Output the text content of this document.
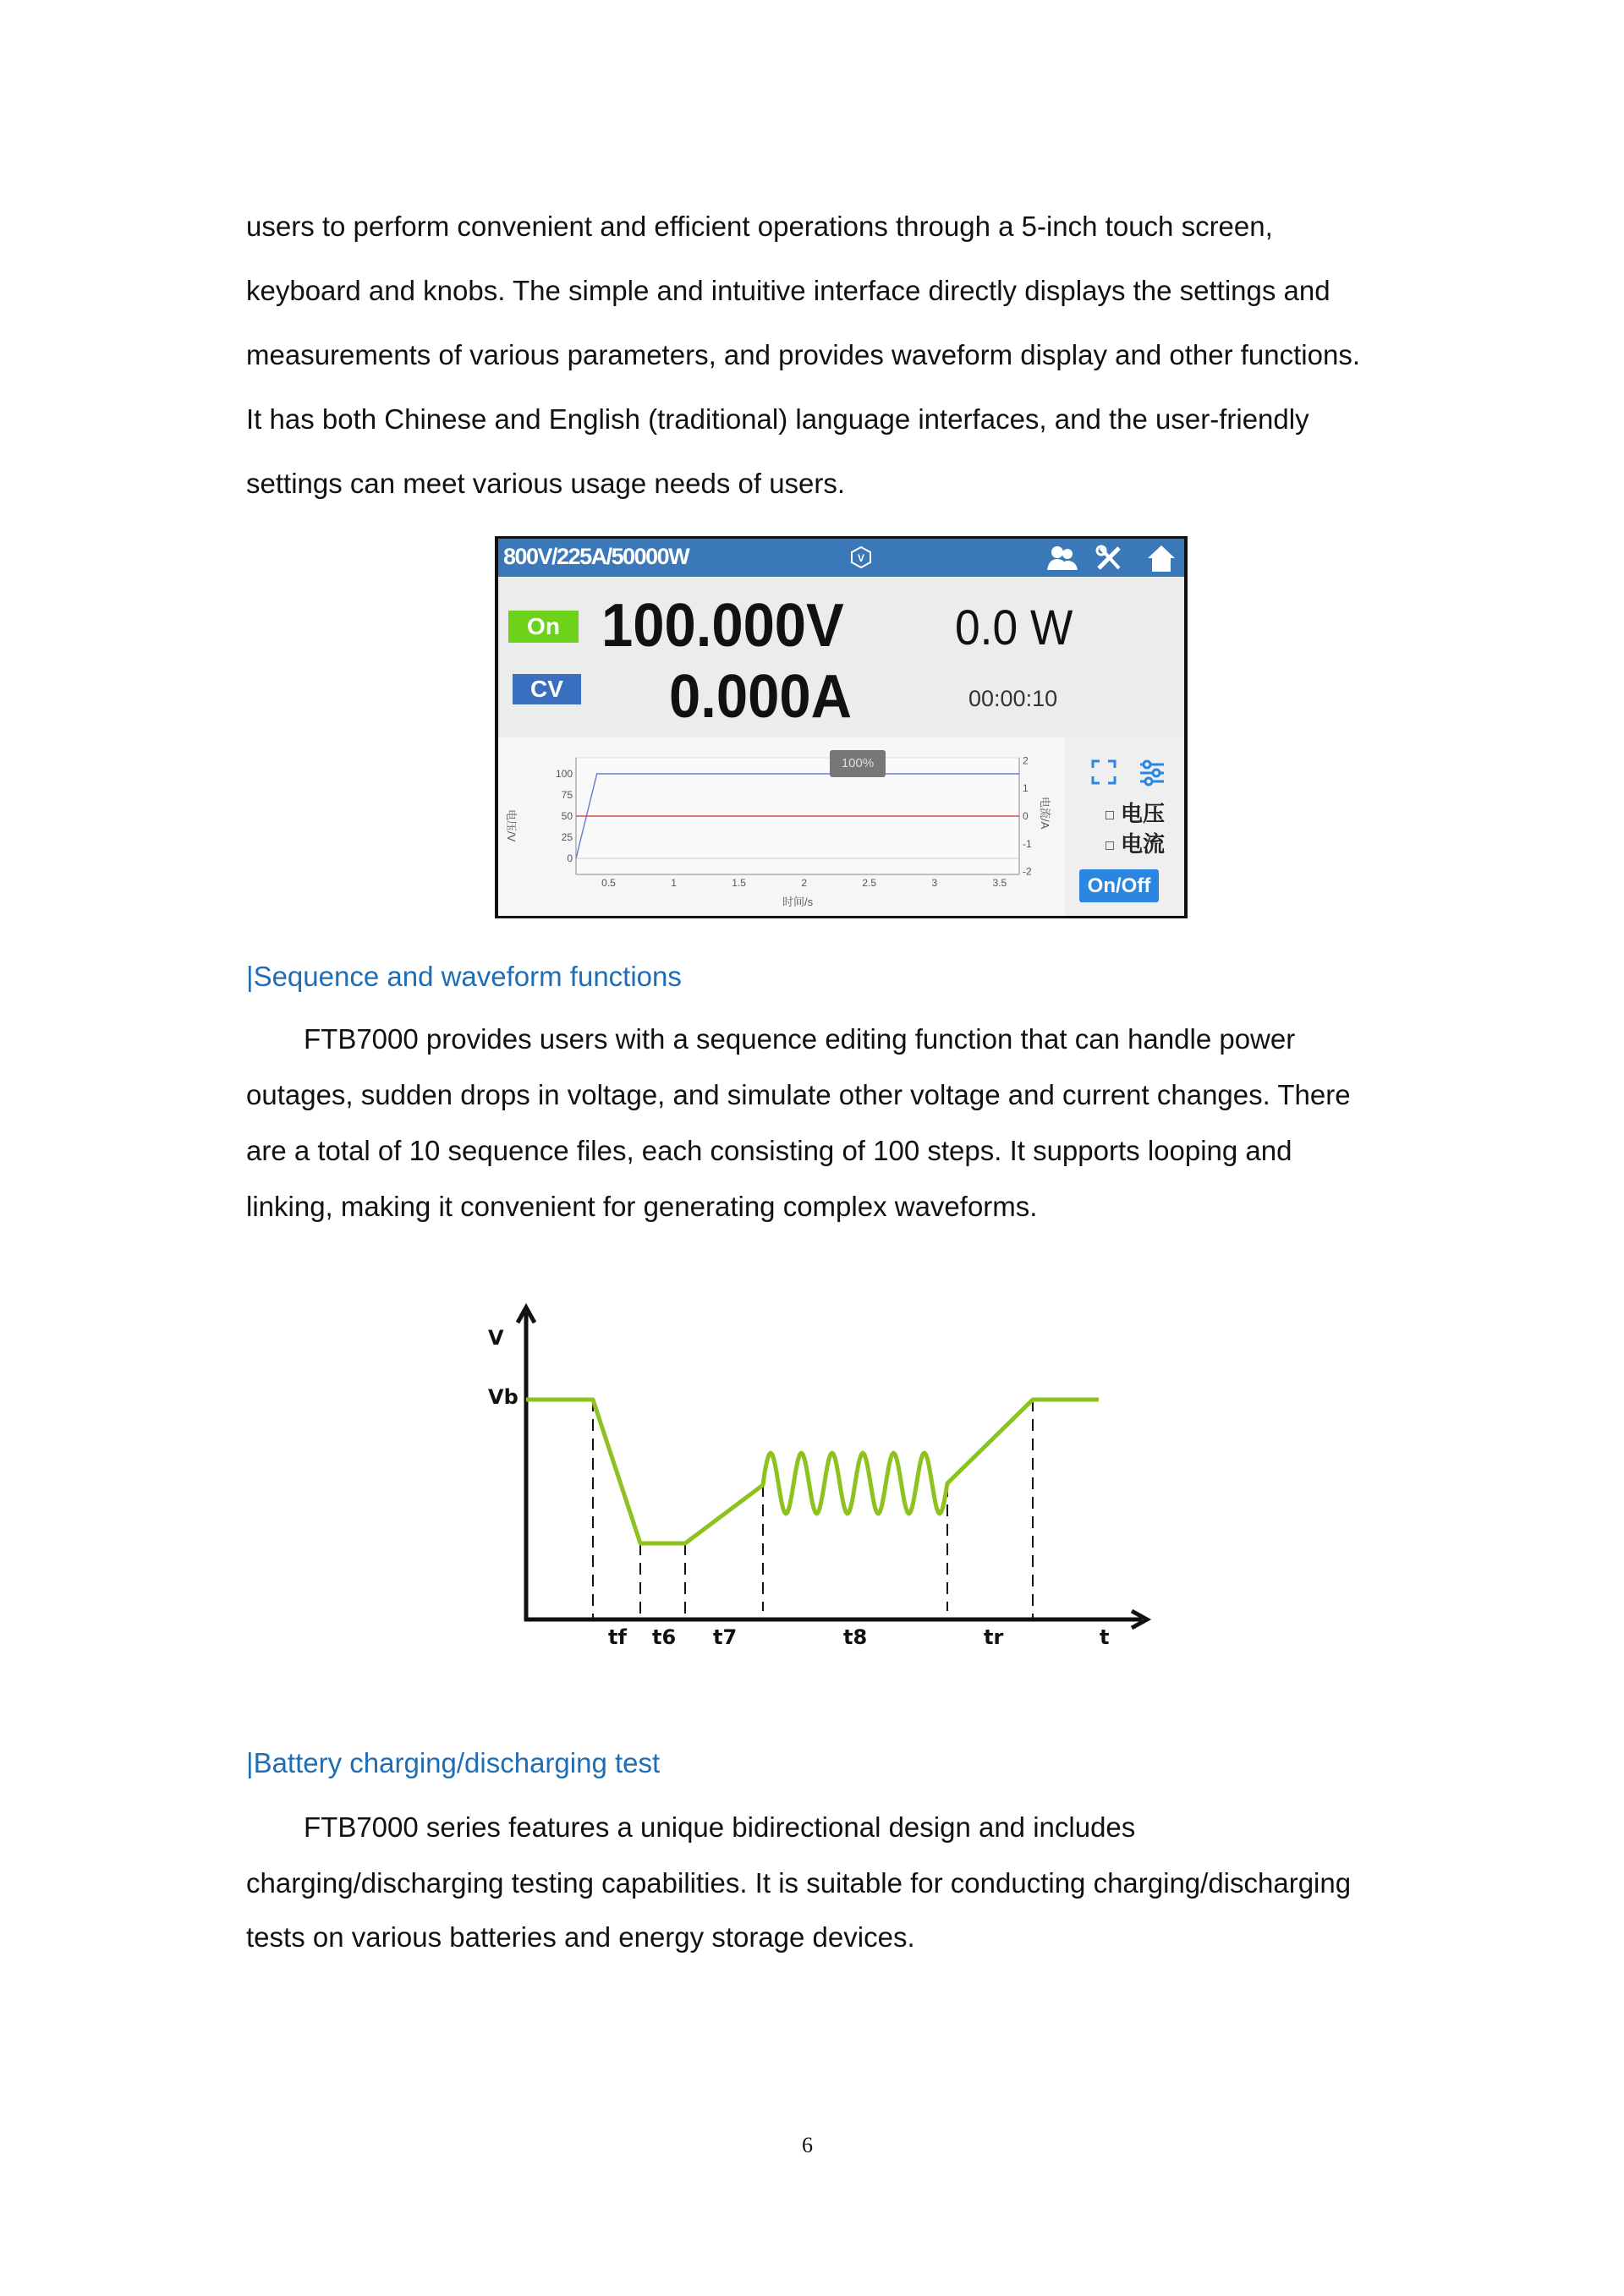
users to perform convenient and efficient operations through a 5-inch touch screen,
keyboard and knobs. The simple and intuitive interface directly displays the settings and
measurements of various parameters, and provides waveform display and other functions.
It has both Chinese and English (traditional) language interfaces, and the user-friendly
settings can meet various usage needs of users.
800V/225A/50000W	V
On 100.000V 0.0 W
CV 0.000A	00:00:10
0.5	1	1.5	2	2.5	3	3.5
100
75
50
25
0
2
1
0
-1
-2
电压/V	电流/A
时间/s
100%
电压
电流
On/Off
|Sequence and waveform functions
FTB7000 provides users with a sequence editing function that can handle power
outages, sudden drops in voltage, and simulate other voltage and current changes. There
are a total of 10 sequence files, each consisting of 100 steps. It supports looping and
linking, making it convenient for generating complex waveforms.
V
Vb
tf t6 t7	t8	tr	t
|Battery charging/discharging test
FTB7000 series features a unique bidirectional design and includes
charging/discharging testing capabilities. It is suitable for conducting charging/discharging
tests on various batteries and energy storage devices.
6
